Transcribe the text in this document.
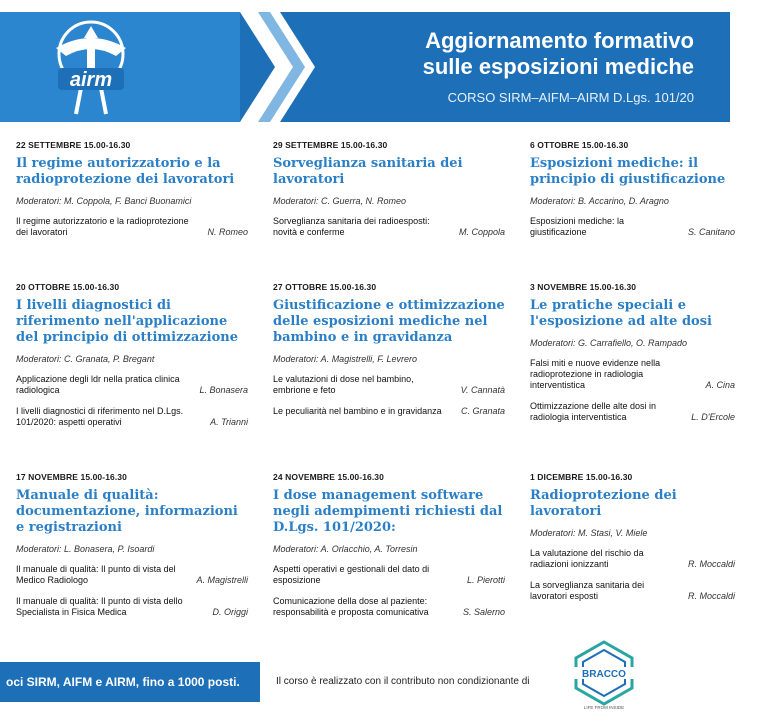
airm
Aggiornamento formativo
sulle esposizioni mediche
CORSO SIRM–AIFM–AIRM D.Lgs. 101/20
22 SETTEMBRE 15.00-16.30
Il regime autorizzatorio e la radioprotezione dei lavoratori
Moderatori: M. Coppola, F. Banci Buonamici
Il regime autorizzatorio e la radioprotezione dei lavoratori	N. Romeo
29 SETTEMBRE 15.00-16.30
Sorveglianza sanitaria dei lavoratori
Moderatori: C. Guerra, N. Romeo
Sorveglianza sanitaria dei radioesposti: novità e conferme	M. Coppola
6 OTTOBRE 15.00-16.30
Esposizioni mediche: il principio di giustificazione
Moderatori: B. Accarino, D. Aragno
Esposizioni mediche: la giustificazione	S. Canitano
20 OTTOBRE 15.00-16.30
I livelli diagnostici di riferimento nell'applicazione del principio di ottimizzazione
Moderatori: C. Granata, P. Bregant
Applicazione degli ldr nella pratica clinica radiologica	L. Bonasera
I livelli diagnostici di riferimento nel D.Lgs. 101/2020: aspetti operativi	A. Trianni
27 OTTOBRE 15.00-16.30
Giustificazione e ottimizzazione delle esposizioni mediche nel bambino e in gravidanza
Moderatori: A. Magistrelli, F. Levrero
Le valutazioni di dose nel bambino, embrione e feto	V. Cannatà
Le peculiarità nel bambino e in gravidanza	C. Granata
3 NOVEMBRE 15.00-16.30
Le pratiche speciali e l'esposizione ad alte dosi
Moderatori: G. Carrafiello, O. Rampado
Falsi miti e nuove evidenze nella radioprotezione in radiologia interventistica	A. Cina
Ottimizzazione delle alte dosi in radiologia interventistica	L. D'Ercole
17 NOVEMBRE 15.00-16.30
Manuale di qualità: documentazione, informazioni e registrazioni
Moderatori: L. Bonasera, P. Isoardi
Il manuale di qualità: Il punto di vista del Medico Radiologo	A. Magistrelli
Il manuale di qualità: Il punto di vista dello Specialista in Fisica Medica	D. Origgi
24 NOVEMBRE 15.00-16.30
I dose management software negli adempimenti richiesti dal D.Lgs. 101/2020:
Moderatori: A. Orlacchio, A. Torresin
Aspetti operativi e gestionali del dato di esposizione	L. Pierotti
Comunicazione della dose al paziente: responsabilità e proposta comunicativa	S. Salerno
1 DICEMBRE 15.00-16.30
Radioprotezione dei lavoratori
Moderatori: M. Stasi, V. Miele
La valutazione del rischio da radiazioni ionizzanti	R. Moccaldi
La sorveglianza sanitaria dei lavoratori esposti	R. Moccaldi
oci SIRM, AIFM e AIRM, fino a 1000 posti.	Il corso è realizzato con il contributo non condizionante di
BRACCO
LIFE FROM INSIDE
